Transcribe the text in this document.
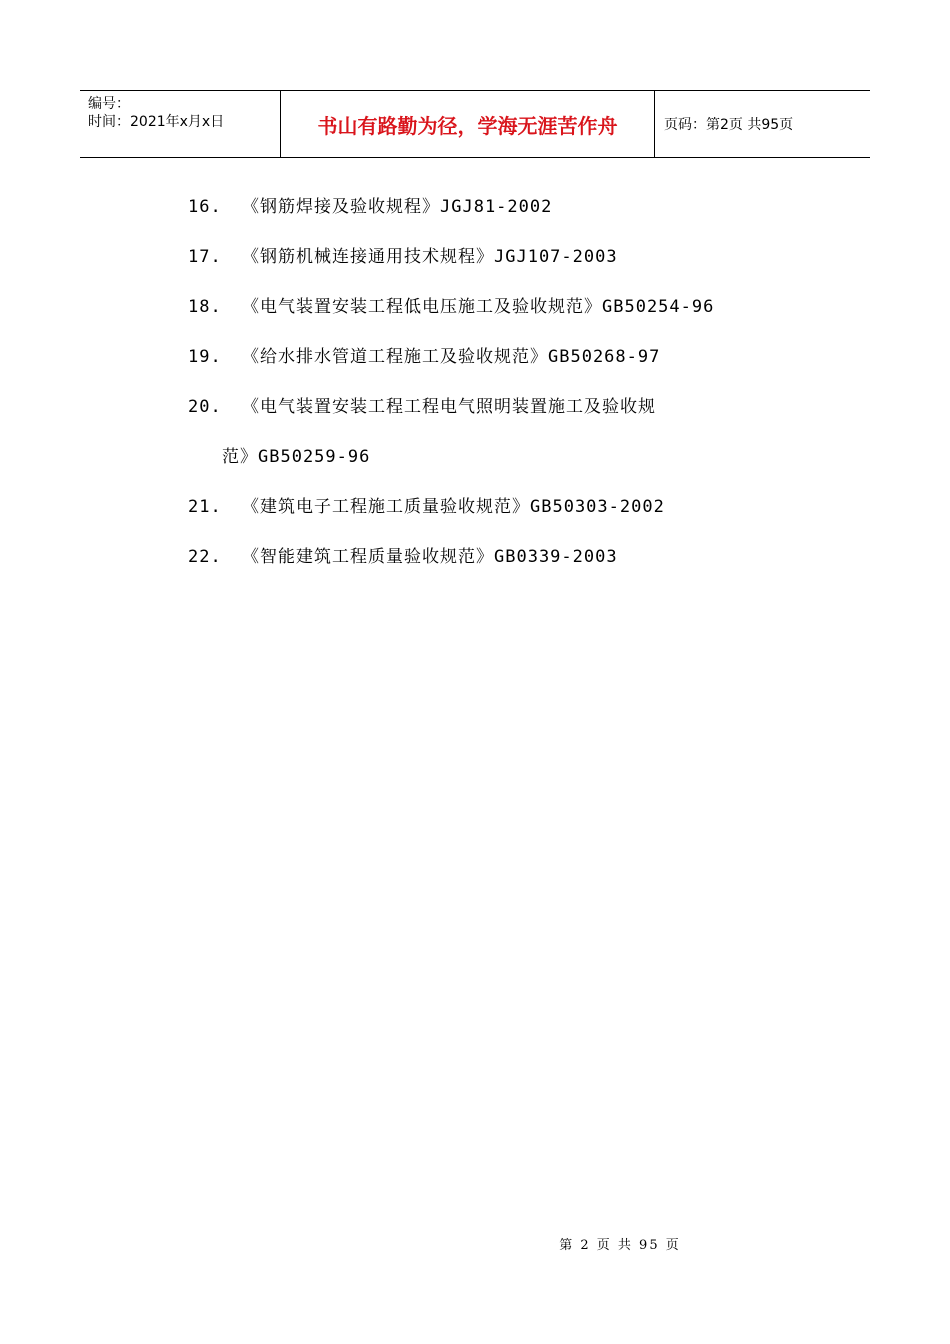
编号：
时间：2021年x月x日	书山有路勤为径，学海无涯苦作舟	页码：第2页 共95页
16. 《钢筋焊接及验收规程》JGJ81-2002
17. 《钢筋机械连接通用技术规程》JGJ107-2003
18. 《电气装置安装工程低电压施工及验收规范》GB50254-96
19. 《给水排水管道工程施工及验收规范》GB50268-97
20. 《电气装置安装工程工程电气照明装置施工及验收规
范》GB50259-96
21. 《建筑电子工程施工质量验收规范》GB50303-2002
22. 《智能建筑工程质量验收规范》GB0339-2003
第 2 页 共 95 页
